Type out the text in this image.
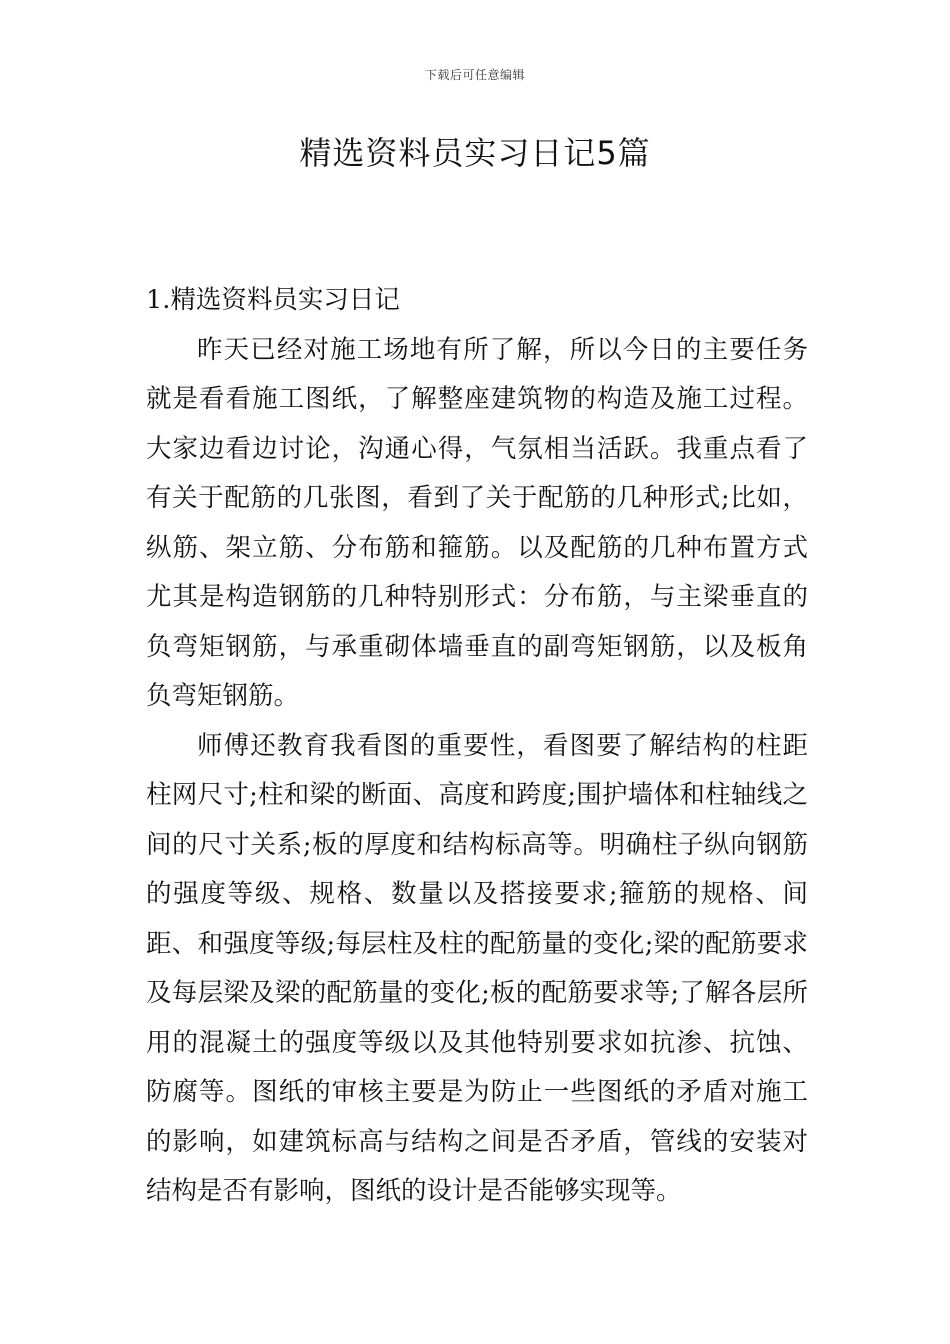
下载后可任意编辑
精选资料员实习日记5篇
1.精选资料员实习日记

昨天已经对施工场地有所了解，所以今日的主要任务就是看看施工图纸，了解整座建筑物的构造及施工过程。大家边看边讨论，沟通心得，气氛相当活跃。我重点看了有关于配筋的几张图，看到了关于配筋的几种形式;比如，纵筋、架立筋、分布筋和箍筋。以及配筋的几种布置方式尤其是构造钢筋的几种特别形式：分布筋，与主梁垂直的负弯矩钢筋，与承重砌体墙垂直的副弯矩钢筋，以及板角负弯矩钢筋。

师傅还教育我看图的重要性，看图要了解结构的柱距柱网尺寸;柱和梁的断面、高度和跨度;围护墙体和柱轴线之间的尺寸关系;板的厚度和结构标高等。明确柱子纵向钢筋的强度等级、规格、数量以及搭接要求;箍筋的规格、间距、和强度等级;每层柱及柱的配筋量的变化;梁的配筋要求及每层梁及梁的配筋量的变化;板的配筋要求等;了解各层所用的混凝土的强度等级以及其他特别要求如抗渗、抗蚀、防腐等。图纸的审核主要是为防止一些图纸的矛盾对施工的影响，如建筑标高与结构之间是否矛盾，管线的安装对结构是否有影响，图纸的设计是否能够实现等。
